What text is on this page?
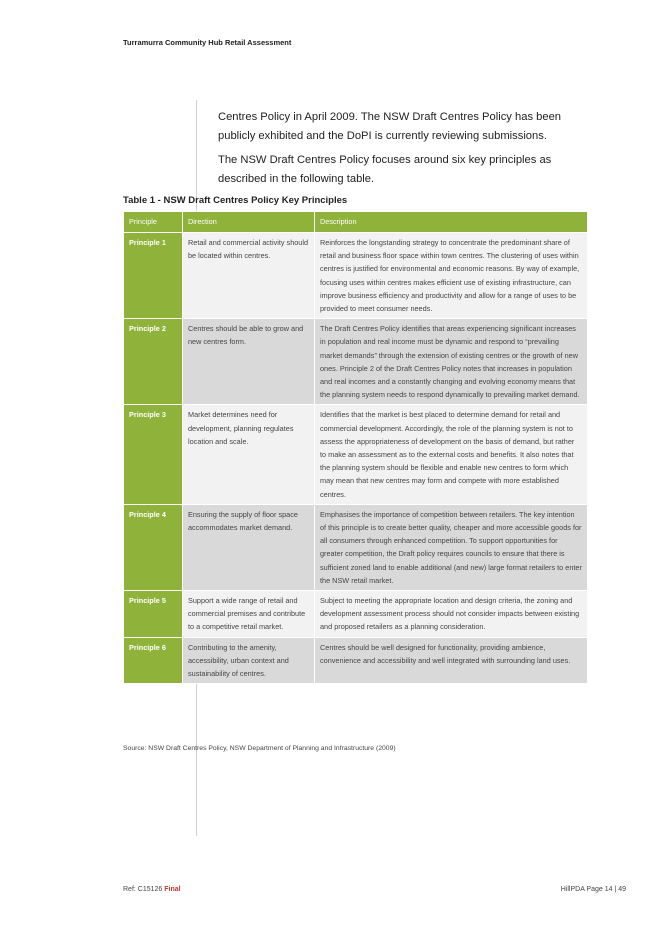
Turramurra Community Hub Retail Assessment

Centres Policy in April 2009. The NSW Draft Centres Policy has been publicly exhibited and the DoPI is currently reviewing submissions.

The NSW Draft Centres Policy focuses around six key principles as described in the following table.

Table 1 - NSW Draft Centres Policy Key Principles
Principle	Direction	Description
Principle 1	Retail and commercial activity should be located within centres.	Reinforces the longstanding strategy to concentrate the predominant share of retail and business floor space within town centres. The clustering of uses within centres is justified for environmental and economic reasons. By way of example, focusing uses within centres makes efficient use of existing infrastructure, can improve business efficiency and productivity and allow for a range of uses to be provided to meet consumer needs.
Principle 2	Centres should be able to grow and new centres form.	The Draft Centres Policy identifies that areas experiencing significant increases in population and real income must be dynamic and respond to “prevailing market demands” through the extension of existing centres or the growth of new ones. Principle 2 of the Draft Centres Policy notes that increases in population and real incomes and a constantly changing and evolving economy means that the planning system needs to respond dynamically to prevailing market demand.
Principle 3	Market determines need for development, planning regulates location and scale.	Identifies that the market is best placed to determine demand for retail and commercial development. Accordingly, the role of the planning system is not to assess the appropriateness of development on the basis of demand, but rather to make an assessment as to the external costs and benefits. It also notes that the planning system should be flexible and enable new centres to form which may mean that new centres may form and compete with more established centres.
Principle 4	Ensuring the supply of floor space accommodates market demand.	Emphasises the importance of competition between retailers. The key intention of this principle is to create better quality, cheaper and more accessible goods for all consumers through enhanced competition. To support opportunities for greater competition, the Draft policy requires councils to ensure that there is sufficient zoned land to enable additional (and new) large format retailers to enter the NSW retail market.
Principle 5	Support a wide range of retail and commercial premises and contribute to a competitive retail market.	Subject to meeting the appropriate location and design criteria, the zoning and development assessment process should not consider impacts between existing and proposed retailers as a planning consideration.
Principle 6	Contributing to the amenity, accessibility, urban context and sustainability of centres.	Centres should be well designed for functionality, providing ambience, convenience and accessibility and well integrated with surrounding land uses.
Source: NSW Draft Centres Policy, NSW Department of Planning and Infrastructure (2009)
Ref: C15126 Final	HillPDA Page 14 | 49
